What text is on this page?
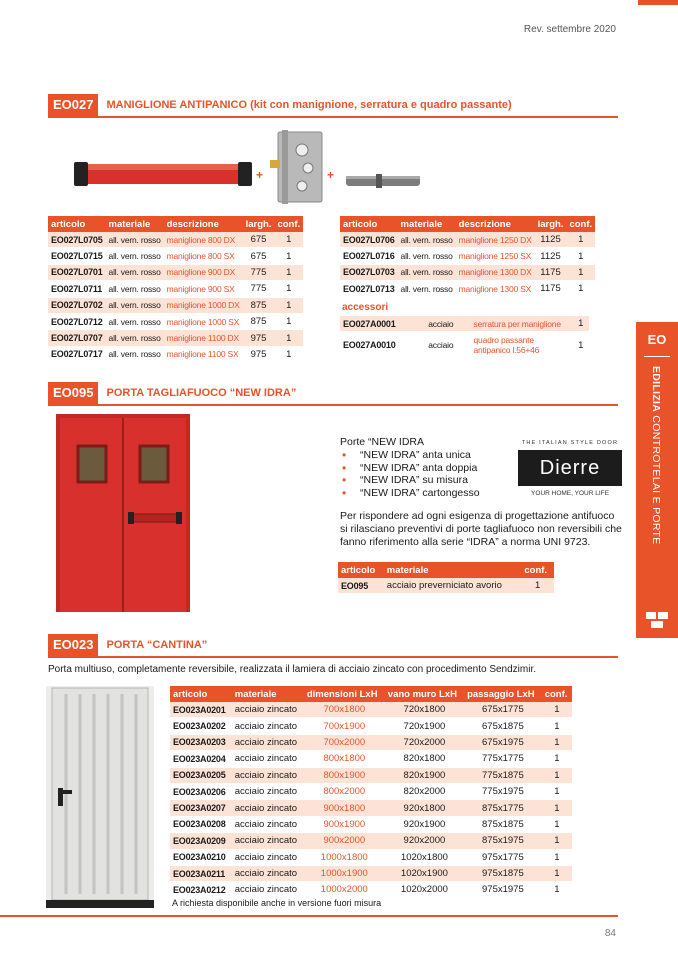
Rev. settembre 2020
EO027	MANIGLIONE ANTIPANICO (kit con manignione, serratura e quadro passante)
+	+
articolo	materiale	descrizione	largh.	conf.
EO027L0705	all. vern. rosso	maniglione 800 DX	675	1
EO027L0715	all. vern. rosso	maniglione 800 SX	675	1
EO027L0701	all. vern. rosso	maniglione 900 DX	775	1
EO027L0711	all. vern. rosso	maniglione 900 SX	775	1
EO027L0702	all. vern. rosso	maniglione 1000 DX	875	1
EO027L0712	all. vern. rosso	maniglione 1000 SX	875	1
EO027L0707	all. vern. rosso	maniglione 1100 DX	975	1
EO027L0717	all. vern. rosso	maniglione 1100 SX	975	1
articolo	materiale	descrizione	largh.	conf.
EO027L0706	all. vern. rosso	maniglione 1250 DX	1125	1
EO027L0716	all. vern. rosso	maniglione 1250 SX	1125	1
EO027L0703	all. vern. rosso	maniglione 1300 DX	1175	1
EO027L0713	all. vern. rosso	maniglione 1300 SX	1175	1
accessori
EO027A0001	acciaio	serratura per maniglione	1
EO027A0010	acciaio	quadro passante antipanico l.56+46	1
EO095	PORTA TAGLIAFUOCO “NEW IDRA”
Porte “NEW IDRA
• “NEW IDRA” anta unica
• “NEW IDRA” anta doppia
• “NEW IDRA” su misura
• “NEW IDRA” cartongesso
THE ITALIAN STYLE DOOR
Dierre
YOUR HOME, YOUR LIFE
Per rispondere ad ogni esigenza di progettazione antifuoco si rilasciano preventivi di porte tagliafuoco non reversibili che fanno riferimento alla serie “IDRA” a norma UNI 9723.
articolo	materiale	conf.
EO095	acciaio preverniciato avorio	1
EO023	PORTA “CANTINA”
Porta multiuso, completamente reversibile, realizzata il lamiera di acciaio zincato con procedimento Sendzimir.
articolo	materiale	dimensioni LxH	vano muro LxH	passaggio LxH	conf.
EO023A0201	acciaio zincato	700x1800	720x1800	675x1775	1
EO023A0202	acciaio zincato	700x1900	720x1900	675x1875	1
EO023A0203	acciaio zincato	700x2000	720x2000	675x1975	1
EO023A0204	acciaio zincato	800x1800	820x1800	775x1775	1
EO023A0205	acciaio zincato	800x1900	820x1900	775x1875	1
EO023A0206	acciaio zincato	800x2000	820x2000	775x1975	1
EO023A0207	acciaio zincato	900x1800	920x1800	875x1775	1
EO023A0208	acciaio zincato	900x1900	920x1900	875x1875	1
EO023A0209	acciaio zincato	900x2000	920x2000	875x1975	1
EO023A0210	acciaio zincato	1000x1800	1020x1800	975x1775	1
EO023A0211	acciaio zincato	1000x1900	1020x1900	975x1875	1
EO023A0212	acciaio zincato	1000x2000	1020x2000	975x1975	1
A richiesta disponibile anche in versione fuori misura
EO
EDILIZIA CONTROTELAI E PORTE
84
